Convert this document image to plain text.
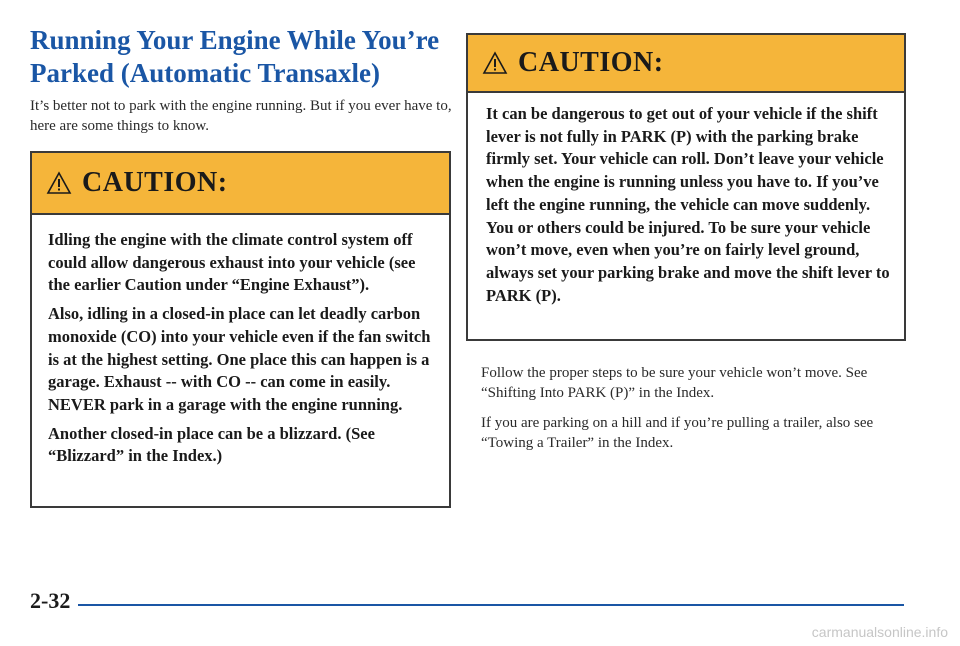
Running Your Engine While You’re Parked (Automatic Transaxle)

It’s better not to park with the engine running. But if you ever have to, here are some things to know.

CAUTION:

Idling the engine with the climate control system off could allow dangerous exhaust into your vehicle (see the earlier Caution under “Engine Exhaust”).

Also, idling in a closed-in place can let deadly carbon monoxide (CO) into your vehicle even if the fan switch is at the highest setting. One place this can happen is a garage. Exhaust -- with CO -- can come in easily. NEVER park in a garage with the engine running.

Another closed-in place can be a blizzard. (See “Blizzard” in the Index.)

CAUTION:

It can be dangerous to get out of your vehicle if the shift lever is not fully in PARK (P) with the parking brake firmly set. Your vehicle can roll. Don’t leave your vehicle when the engine is running unless you have to. If you’ve left the engine running, the vehicle can move suddenly. You or others could be injured. To be sure your vehicle won’t move, even when you’re on fairly level ground, always set your parking brake and move the shift lever to PARK (P).

Follow the proper steps to be sure your vehicle won’t move. See “Shifting Into PARK (P)” in the Index.

If you are parking on a hill and if you’re pulling a trailer, also see “Towing a Trailer” in the Index.

2-32

carmanualsonline.info
